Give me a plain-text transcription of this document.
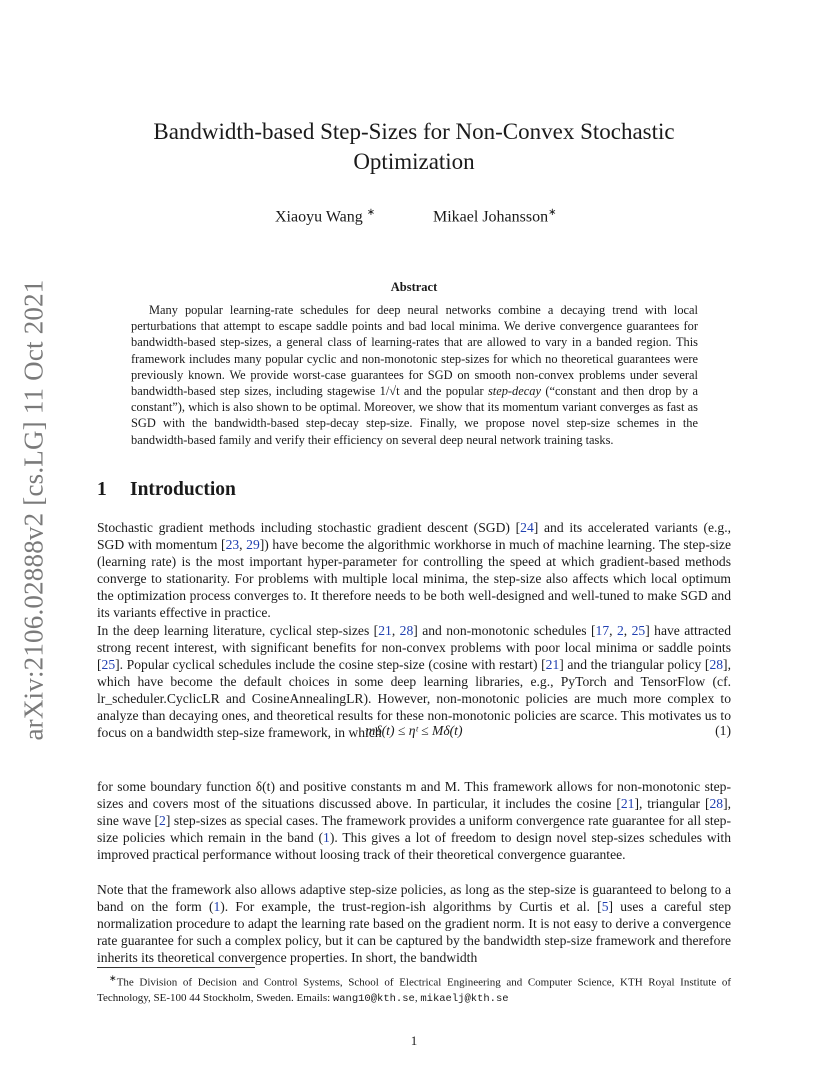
arXiv:2106.02888v2 [cs.LG] 11 Oct 2021
Bandwidth-based Step-Sizes for Non-Convex Stochastic
Optimization
Xiaoyu Wang ∗	Mikael Johansson∗
Abstract
Many popular learning-rate schedules for deep neural networks combine a decaying trend with local perturbations that attempt to escape saddle points and bad local minima. We derive convergence guarantees for bandwidth-based step-sizes, a general class of learning-rates that are allowed to vary in a banded region. This framework includes many popular cyclic and non-monotonic step-sizes for which no theoretical guarantees were previously known. We provide worst-case guarantees for SGD on smooth non-convex problems under several bandwidth-based step sizes, including stagewise 1/√t and the popular step-decay (“constant and then drop by a constant”), which is also shown to be optimal. Moreover, we show that its momentum variant converges as fast as SGD with the bandwidth-based step-decay step-size. Finally, we propose novel step-size schemes in the bandwidth-based family and verify their efficiency on several deep neural network training tasks.
1 Introduction
Stochastic gradient methods including stochastic gradient descent (SGD) [24] and its accelerated variants (e.g., SGD with momentum [23, 29]) have become the algorithmic workhorse in much of machine learning. The step-size (learning rate) is the most important hyper-parameter for controlling the speed at which gradient-based methods converge to stationarity. For problems with multiple local minima, the step-size also affects which local optimum the optimization process converges to. It therefore needs to be both well-designed and well-tuned to make SGD and its variants effective in practice.
In the deep learning literature, cyclical step-sizes [21, 28] and non-monotonic schedules [17, 2, 25] have attracted strong recent interest, with significant benefits for non-convex problems with poor local minima or saddle points [25]. Popular cyclical schedules include the cosine step-size (cosine with restart) [21] and the triangular policy [28], which have become the default choices in some deep learning libraries, e.g., PyTorch and TensorFlow (cf. lr_scheduler.CyclicLR and CosineAnnealingLR). However, non-monotonic policies are much more complex to analyze than decaying ones, and theoretical results for these non-monotonic policies are scarce. This motivates us to focus on a bandwidth step-size framework, in which
mδ(t) ≤ ηᵗ ≤ Mδ(t)	(1)
for some boundary function δ(t) and positive constants m and M. This framework allows for non-monotonic step-sizes and covers most of the situations discussed above. In particular, it includes the cosine [21], triangular [28], sine wave [2] step-sizes as special cases. The framework provides a uniform convergence rate guarantee for all step-size policies which remain in the band (1). This gives a lot of freedom to design novel step-sizes schedules with improved practical performance without loosing track of their theoretical convergence guarantee.
Note that the framework also allows adaptive step-size policies, as long as the step-size is guaranteed to belong to a band on the form (1). For example, the trust-region-ish algorithms by Curtis et al. [5] uses a careful step normalization procedure to adapt the learning rate based on the gradient norm. It is not easy to derive a convergence rate guarantee for such a complex policy, but it can be captured by the bandwidth step-size framework and therefore inherits its theoretical convergence properties. In short, the bandwidth
∗The Division of Decision and Control Systems, School of Electrical Engineering and Computer Science, KTH Royal Institute of Technology, SE-100 44 Stockholm, Sweden. Emails: wang10@kth.se, mikaelj@kth.se
1
